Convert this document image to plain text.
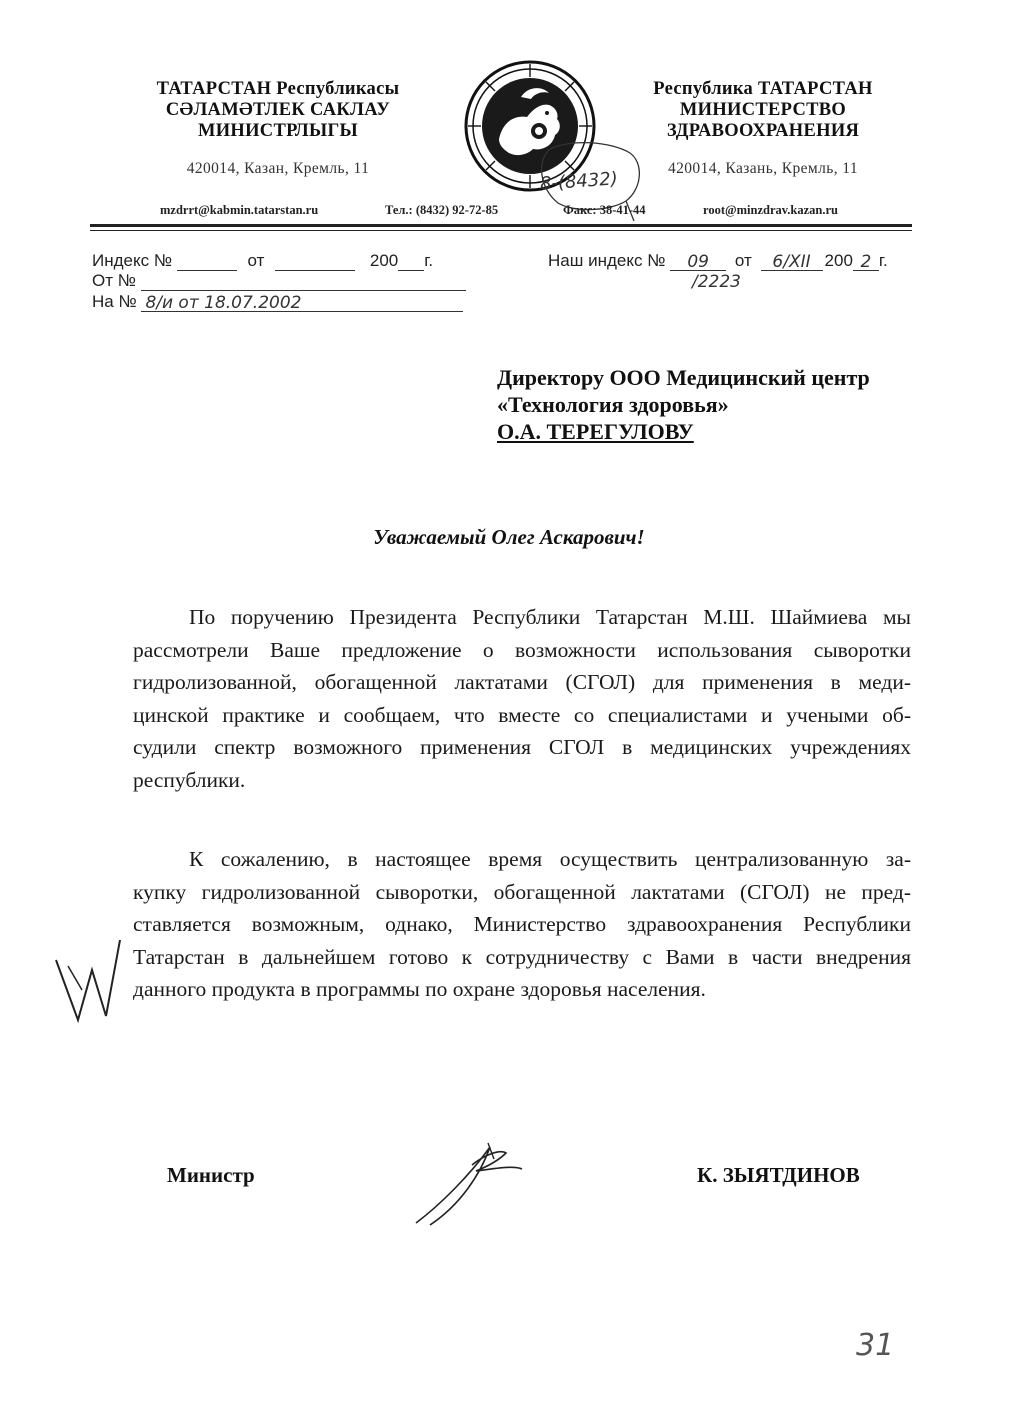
ТАТАРСТАН Республикасы
СӘЛАМӘТЛЕК САКЛАУ
МИНИСТРЛЫГЫ
420014, Казан, Кремль, 11
Республика ТАТАРСТАН
МИНИСТЕРСТВО
ЗДРАВООХРАНЕНИЯ
420014, Казань, Кремль, 11
8-(8432)
mzdrrt@kabmin.tatarstan.ru	Тел.: (8432) 92-72-85	Факс: 38-41-44	root@minzdrav.kazan.ru
Индекс №	от	200 г.
От №
На № 8/и от 18.07.2002
Наш индекс № 09 от 6/XII 200 2 г.
/2223
Директору ООО Медицинский центр
«Технология здоровья»
О.А. ТЕРЕГУЛОВУ
Уважаемый Олег Аскарович!
По поручению Президента Республики Татарстан М.Ш. Шаймиева мы
рассмотрели Ваше предложение о возможности использования сыворотки
гидролизованной, обогащенной лактатами (СГОЛ) для применения в меди-
цинской практике и сообщаем, что вместе со специалистами и учеными об-
судили спектр возможного применения СГОЛ в медицинских учреждениях
республики.
К сожалению, в настоящее время осуществить централизованную за-
купку гидролизованной сыворотки, обогащенной лактатами (СГОЛ) не пред-
ставляется возможным, однако, Министерство здравоохранения Республики
Татарстан в дальнейшем готово к сотрудничеству с Вами в части внедрения
данного продукта в программы по охране здоровья населения.
Министр	К. ЗЫЯТДИНОВ
31
